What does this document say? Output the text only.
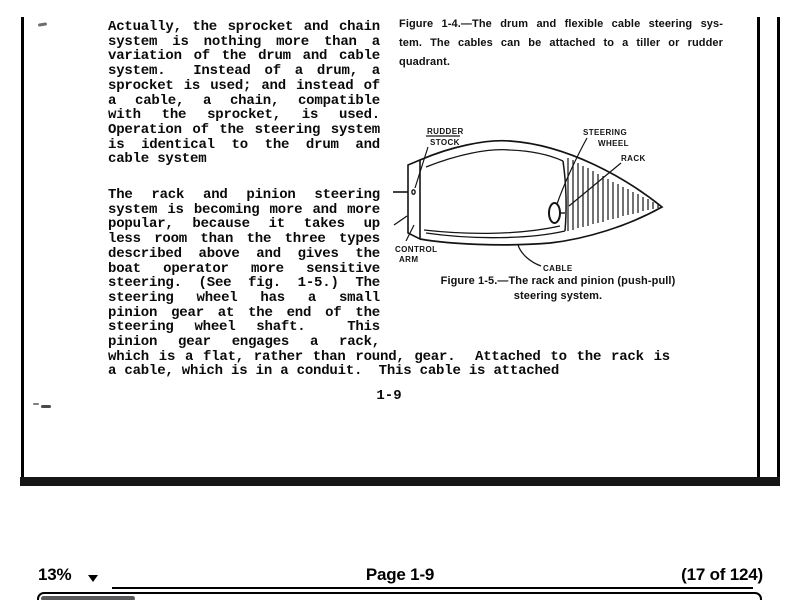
Actually, the sprocket and chain
system is nothing more than a
variation of the drum and cable
system.  Instead of a drum, a
sprocket is used; and instead of
a cable, a chain, compatible
with the sprocket, is used.
Operation of the steering system
is identical to the drum and
cable system
The rack and pinion steering
system is becoming more and more
popular, because it takes up
less room than the three types
described above and gives the
boat operator more sensitive
steering. (See fig. 1-5.) The
steering wheel has a small
pinion gear at the end of the
steering wheel shaft.  This
pinion gear engages a rack,
which is a flat, rather than round, gear.  Attached to the rack is
a cable, which is in a conduit.  This cable is attached
1-9
Figure 1-4.—The drum and flexible cable steering sys-
tem. The cables can be attached to a tiller or rudder
quadrant.
Figure 1-5.—The rack and pinion (push-pull)
steering system.
RUDDER
STOCK
STEERING
WHEEL
RACK
CONTROL
ARM
CABLE
13%	Page 1-9	(17 of 124)
